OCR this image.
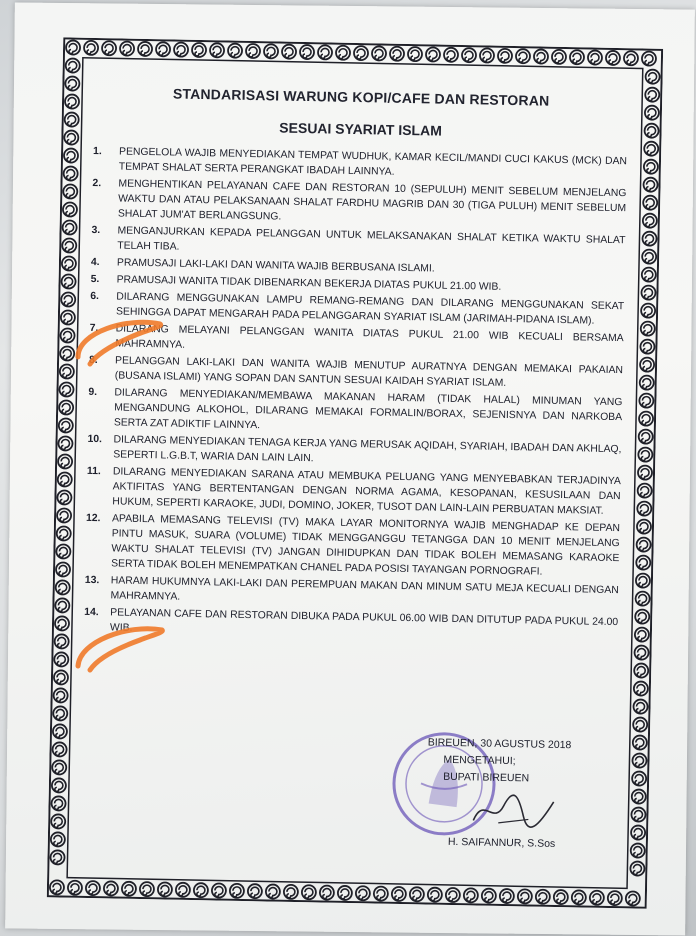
STANDARISASI WARUNG KOPI/CAFE DAN RESTORAN
SESUAI SYARIAT ISLAM
1.	PENGELOLA WAJIB MENYEDIAKAN TEMPAT WUDHUK, KAMAR KECIL/MANDI CUCI KAKUS (MCK) DAN TEMPAT SHALAT SERTA PERANGKAT IBADAH LAINNYA.
2.	MENGHENTIKAN PELAYANAN CAFE DAN RESTORAN 10 (SEPULUH) MENIT SEBELUM MENJELANG WAKTU DAN ATAU PELAKSANAAN SHALAT FARDHU MAGRIB DAN 30 (TIGA PULUH) MENIT SEBELUM SHALAT JUM'AT BERLANGSUNG.
3.	MENGANJURKAN KEPADA PELANGGAN UNTUK MELAKSANAKAN SHALAT KETIKA WAKTU SHALAT TELAH TIBA.
4.	PRAMUSAJI LAKI-LAKI DAN WANITA WAJIB BERBUSANA ISLAMI.
5.	PRAMUSAJI WANITA TIDAK DIBENARKAN BEKERJA DIATAS PUKUL 21.00 WIB.
6.	DILARANG MENGGUNAKAN LAMPU REMANG-REMANG DAN DILARANG MENGGUNAKAN SEKAT SEHINGGA DAPAT MENGARAH PADA PELANGGARAN SYARIAT ISLAM (JARIMAH-PIDANA ISLAM).
7.	DILARANG MELAYANI PELANGGAN WANITA DIATAS PUKUL 21.00 WIB KECUALI BERSAMA MAHRAMNYA.
8.	PELANGGAN LAKI-LAKI DAN WANITA WAJIB MENUTUP AURATNYA DENGAN MEMAKAI PAKAIAN (BUSANA ISLAMI) YANG SOPAN DAN SANTUN SESUAI KAIDAH SYARIAT ISLAM.
9.	DILARANG MENYEDIAKAN/MEMBAWA MAKANAN HARAM (TIDAK HALAL) MINUMAN YANG MENGANDUNG ALKOHOL, DILARANG MEMAKAI FORMALIN/BORAX, SEJENISNYA DAN NARKOBA SERTA ZAT ADIKTIF LAINNYA.
10.	DILARANG MENYEDIAKAN TENAGA KERJA YANG MERUSAK AQIDAH, SYARIAH, IBADAH DAN AKHLAQ, SEPERTI L.G.B.T, WARIA DAN LAIN LAIN.
11.	DILARANG MENYEDIAKAN SARANA ATAU MEMBUKA PELUANG YANG MENYEBABKAN TERJADINYA AKTIFITAS YANG BERTENTANGAN DENGAN NORMA AGAMA, KESOPANAN, KESUSILAAN DAN HUKUM, SEPERTI KARAOKE, JUDI, DOMINO, JOKER, TUSOT DAN LAIN-LAIN PERBUATAN MAKSIAT.
12.	APABILA MEMASANG TELEVISI (TV) MAKA LAYAR MONITORNYA WAJIB MENGHADAP KE DEPAN PINTU MASUK, SUARA (VOLUME) TIDAK MENGGANGGU TETANGGA DAN 10 MENIT MENJELANG WAKTU SHALAT TELEVISI (TV) JANGAN DIHIDUPKAN DAN TIDAK BOLEH MEMASANG KARAOKE SERTA TIDAK BOLEH MENEMPATKAN CHANEL PADA POSISI TAYANGAN PORNOGRAFI.
13.	HARAM HUKUMNYA LAKI-LAKI DAN PEREMPUAN MAKAN DAN MINUM SATU MEJA KECUALI DENGAN MAHRAMNYA.
14.	PELAYANAN CAFE DAN RESTORAN DIBUKA PADA PUKUL 06.00 WIB DAN DITUTUP PADA PUKUL 24.00 WIB.
BIREUEN, 30 AGUSTUS 2018
MENGETAHUI;
BUPATI BIREUEN
H. SAIFANNUR, S.Sos
